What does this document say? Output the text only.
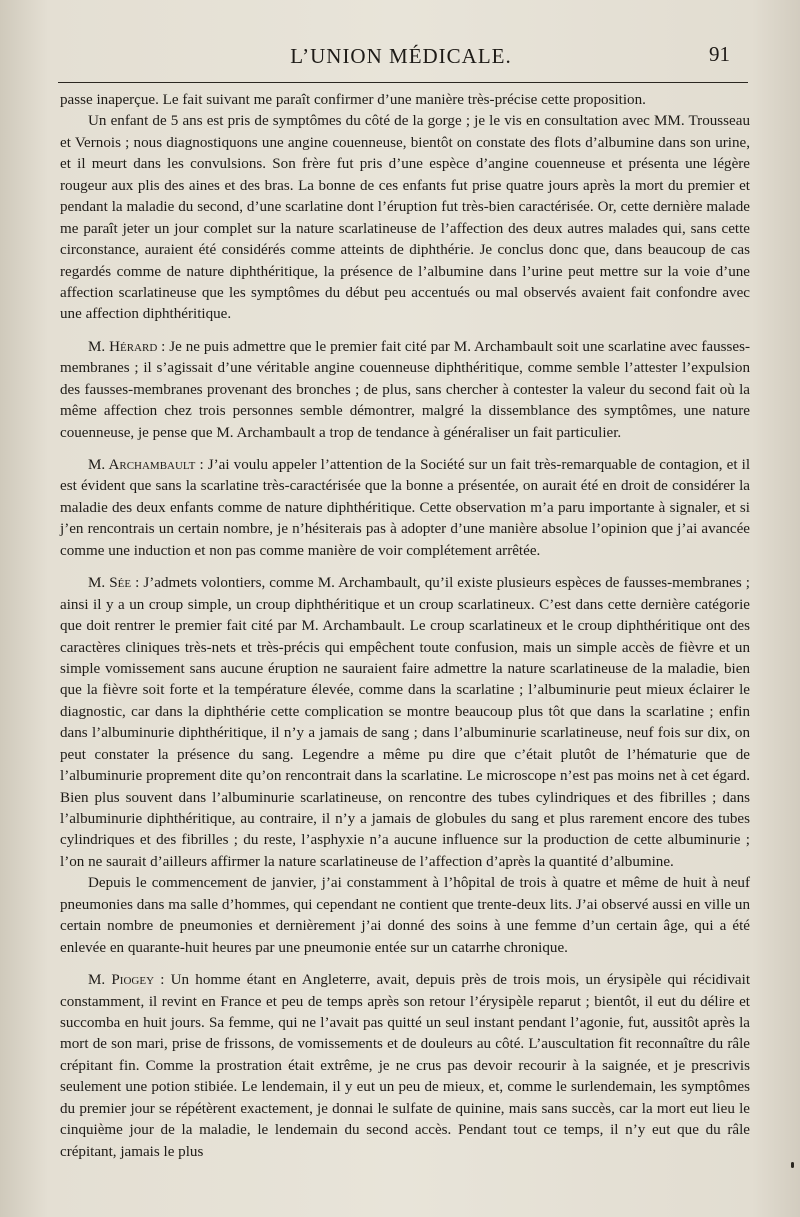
L’UNION MÉDICALE.	91

passe inaperçue. Le fait suivant me paraît confirmer d’une manière très-précise cette proposition.

Un enfant de 5 ans est pris de symptômes du côté de la gorge ; je le vis en consultation avec MM. Trousseau et Vernois ; nous diagnostiquons une angine couenneuse, bientôt on constate des flots d’albumine dans son urine, et il meurt dans les convulsions. Son frère fut pris d’une espèce d’angine couenneuse et présenta une légère rougeur aux plis des aines et des bras. La bonne de ces enfants fut prise quatre jours après la mort du premier et pendant la maladie du second, d’une scarlatine dont l’éruption fut très-bien caractérisée. Or, cette dernière malade me paraît jeter un jour complet sur la nature scarlatineuse de l’affection des deux autres malades qui, sans cette circonstance, auraient été considérés comme atteints de diphthérie. Je conclus donc que, dans beaucoup de cas regardés comme de nature diphthéritique, la présence de l’albumine dans l’urine peut mettre sur la voie d’une affection scarlatineuse que les symptômes du début peu accentués ou mal observés avaient fait confondre avec une affection diphthéritique.

M. Hérard : Je ne puis admettre que le premier fait cité par M. Archambault soit une scarlatine avec fausses-membranes ; il s’agissait d’une véritable angine couenneuse diphthéritique, comme semble l’attester l’expulsion des fausses-membranes provenant des bronches ; de plus, sans chercher à contester la valeur du second fait où la même affection chez trois personnes semble démontrer, malgré la dissemblance des symptômes, une nature couenneuse, je pense que M. Archambault a trop de tendance à généraliser un fait particulier.

M. Archambault : J’ai voulu appeler l’attention de la Société sur un fait très-remarquable de contagion, et il est évident que sans la scarlatine très-caractérisée que la bonne a présentée, on aurait été en droit de considérer la maladie des deux enfants comme de nature diphthéritique. Cette observation m’a paru importante à signaler, et si j’en rencontrais un certain nombre, je n’hésiterais pas à adopter d’une manière absolue l’opinion que j’ai avancée comme une induction et non pas comme manière de voir complétement arrêtée.

M. Sée : J’admets volontiers, comme M. Archambault, qu’il existe plusieurs espèces de fausses-membranes ; ainsi il y a un croup simple, un croup diphthéritique et un croup scarlatineux. C’est dans cette dernière catégorie que doit rentrer le premier fait cité par M. Archambault. Le croup scarlatineux et le croup diphthéritique ont des caractères cliniques très-nets et très-précis qui empêchent toute confusion, mais un simple accès de fièvre et un simple vomissement sans aucune éruption ne sauraient faire admettre la nature scarlatineuse de la maladie, bien que la fièvre soit forte et la température élevée, comme dans la scarlatine ; l’albuminurie peut mieux éclairer le diagnostic, car dans la diphthérie cette complication se montre beaucoup plus tôt que dans la scarlatine ; enfin dans l’albuminurie diphthéritique, il n’y a jamais de sang ; dans l’albuminurie scarlatineuse, neuf fois sur dix, on peut constater la présence du sang. Legendre a même pu dire que c’était plutôt de l’hématurie que de l’albuminurie proprement dite qu’on rencontrait dans la scarlatine. Le microscope n’est pas moins net à cet égard. Bien plus souvent dans l’albuminurie scarlatineuse, on rencontre des tubes cylindriques et des fibrilles ; dans l’albuminurie diphthéritique, au contraire, il n’y a jamais de globules du sang et plus rarement encore des tubes cylindriques et des fibrilles ; du reste, l’asphyxie n’a aucune influence sur la production de cette albuminurie ; l’on ne saurait d’ailleurs affirmer la nature scarlatineuse de l’affection d’après la quantité d’albumine.

Depuis le commencement de janvier, j’ai constamment à l’hôpital de trois à quatre et même de huit à neuf pneumonies dans ma salle d’hommes, qui cependant ne contient que trente-deux lits. J’ai observé aussi en ville un certain nombre de pneumonies et dernièrement j’ai donné des soins à une femme d’un certain âge, qui a été enlevée en quarante-huit heures par une pneumonie entée sur un catarrhe chronique.

M. Piogey : Un homme étant en Angleterre, avait, depuis près de trois mois, un érysipèle qui récidivait constamment, il revint en France et peu de temps après son retour l’érysipèle reparut ; bientôt, il eut du délire et succomba en huit jours. Sa femme, qui ne l’avait pas quitté un seul instant pendant l’agonie, fut, aussitôt après la mort de son mari, prise de frissons, de vomissements et de douleurs au côté. L’auscultation fit reconnaître du râle crépitant fin. Comme la prostration était extrême, je ne crus pas devoir recourir à la saignée, et je prescrivis seulement une potion stibiée. Le lendemain, il y eut un peu de mieux, et, comme le surlendemain, les symptômes du premier jour se répétèrent exactement, je donnai le sulfate de quinine, mais sans succès, car la mort eut lieu le cinquième jour de la maladie, le lendemain du second accès. Pendant tout ce temps, il n’y eut que du râle crépitant, jamais le plus
